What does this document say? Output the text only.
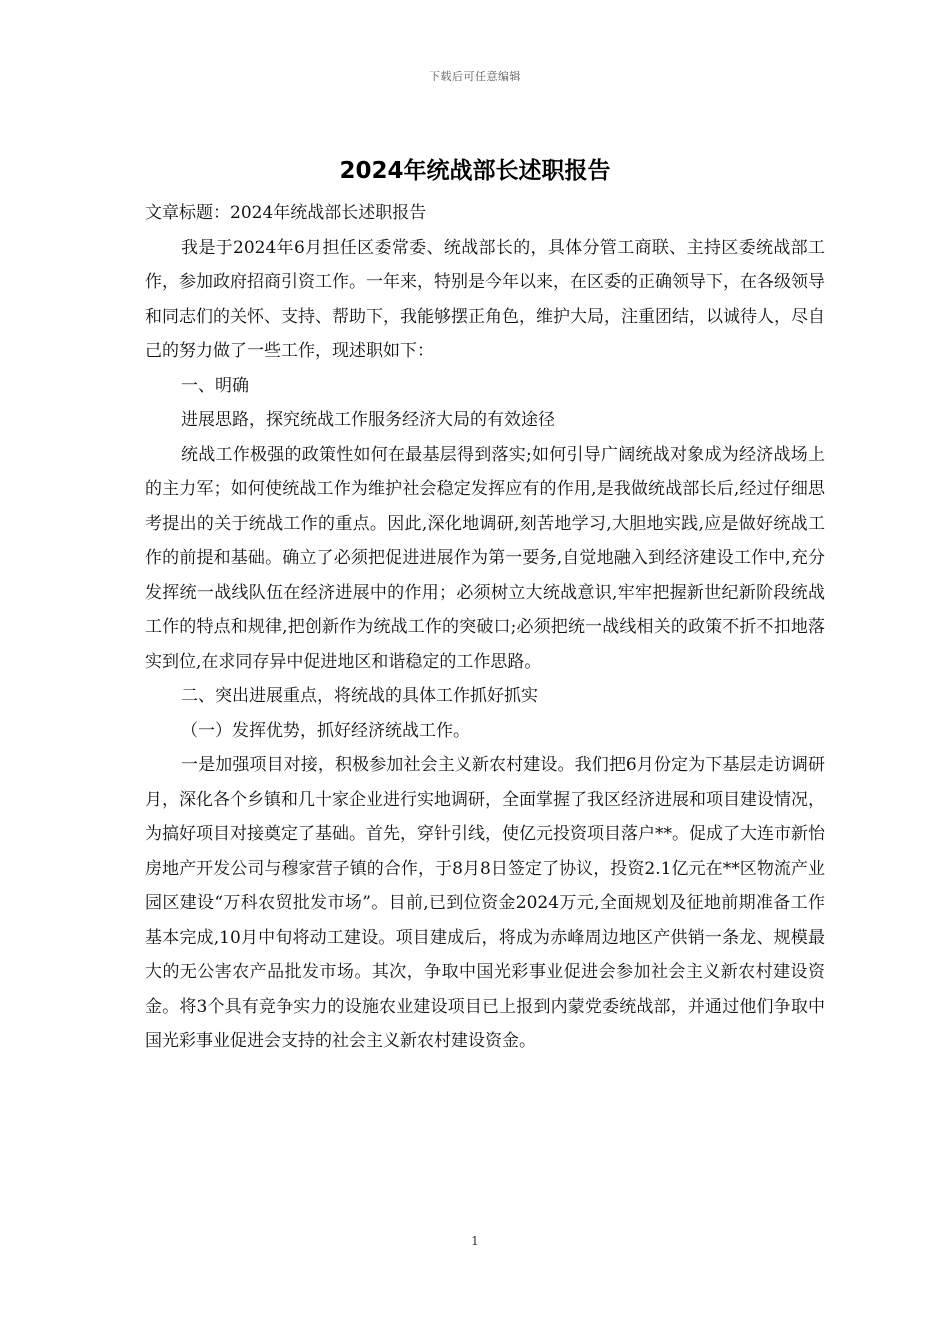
下载后可任意编辑
2024年统战部长述职报告

文章标题：2024年统战部长述职报告

我是于2024年6月担任区委常委、统战部长的，具体分管工商联、主持区委统战部工作，参加政府招商引资工作。一年来，特别是今年以来，在区委的正确领导下，在各级领导和同志们的关怀、支持、帮助下，我能够摆正角色，维护大局，注重团结，以诚待人，尽自己的努力做了一些工作，现述职如下：

一、明确

进展思路，探究统战工作服务经济大局的有效途径

统战工作极强的政策性如何在最基层得到落实;如何引导广阔统战对象成为经济战场上的主力军；如何使统战工作为维护社会稳定发挥应有的作用,是我做统战部长后,经过仔细思考提出的关于统战工作的重点。因此,深化地调研,刻苦地学习,大胆地实践,应是做好统战工作的前提和基础。确立了必须把促进进展作为第一要务,自觉地融入到经济建设工作中,充分发挥统一战线队伍在经济进展中的作用；必须树立大统战意识,牢牢把握新世纪新阶段统战工作的特点和规律,把创新作为统战工作的突破口;必须把统一战线相关的政策不折不扣地落实到位,在求同存异中促进地区和谐稳定的工作思路。

二、突出进展重点，将统战的具体工作抓好抓实

（一）发挥优势，抓好经济统战工作。

一是加强项目对接，积极参加社会主义新农村建设。我们把6月份定为下基层走访调研月，深化各个乡镇和几十家企业进行实地调研，全面掌握了我区经济进展和项目建设情况，为搞好项目对接奠定了基础。首先，穿针引线，使亿元投资项目落户**。促成了大连市新怡房地产开发公司与穆家营子镇的合作，于8月8日签定了协议，投资2.1亿元在**区物流产业园区建设“万科农贸批发市场”。目前,已到位资金2024万元,全面规划及征地前期准备工作基本完成,10月中旬将动工建设。项目建成后，将成为赤峰周边地区产供销一条龙、规模最大的无公害农产品批发市场。其次，争取中国光彩事业促进会参加社会主义新农村建设资金。将3个具有竞争实力的设施农业建设项目已上报到内蒙党委统战部，并通过他们争取中国光彩事业促进会支持的社会主义新农村建设资金。

1
